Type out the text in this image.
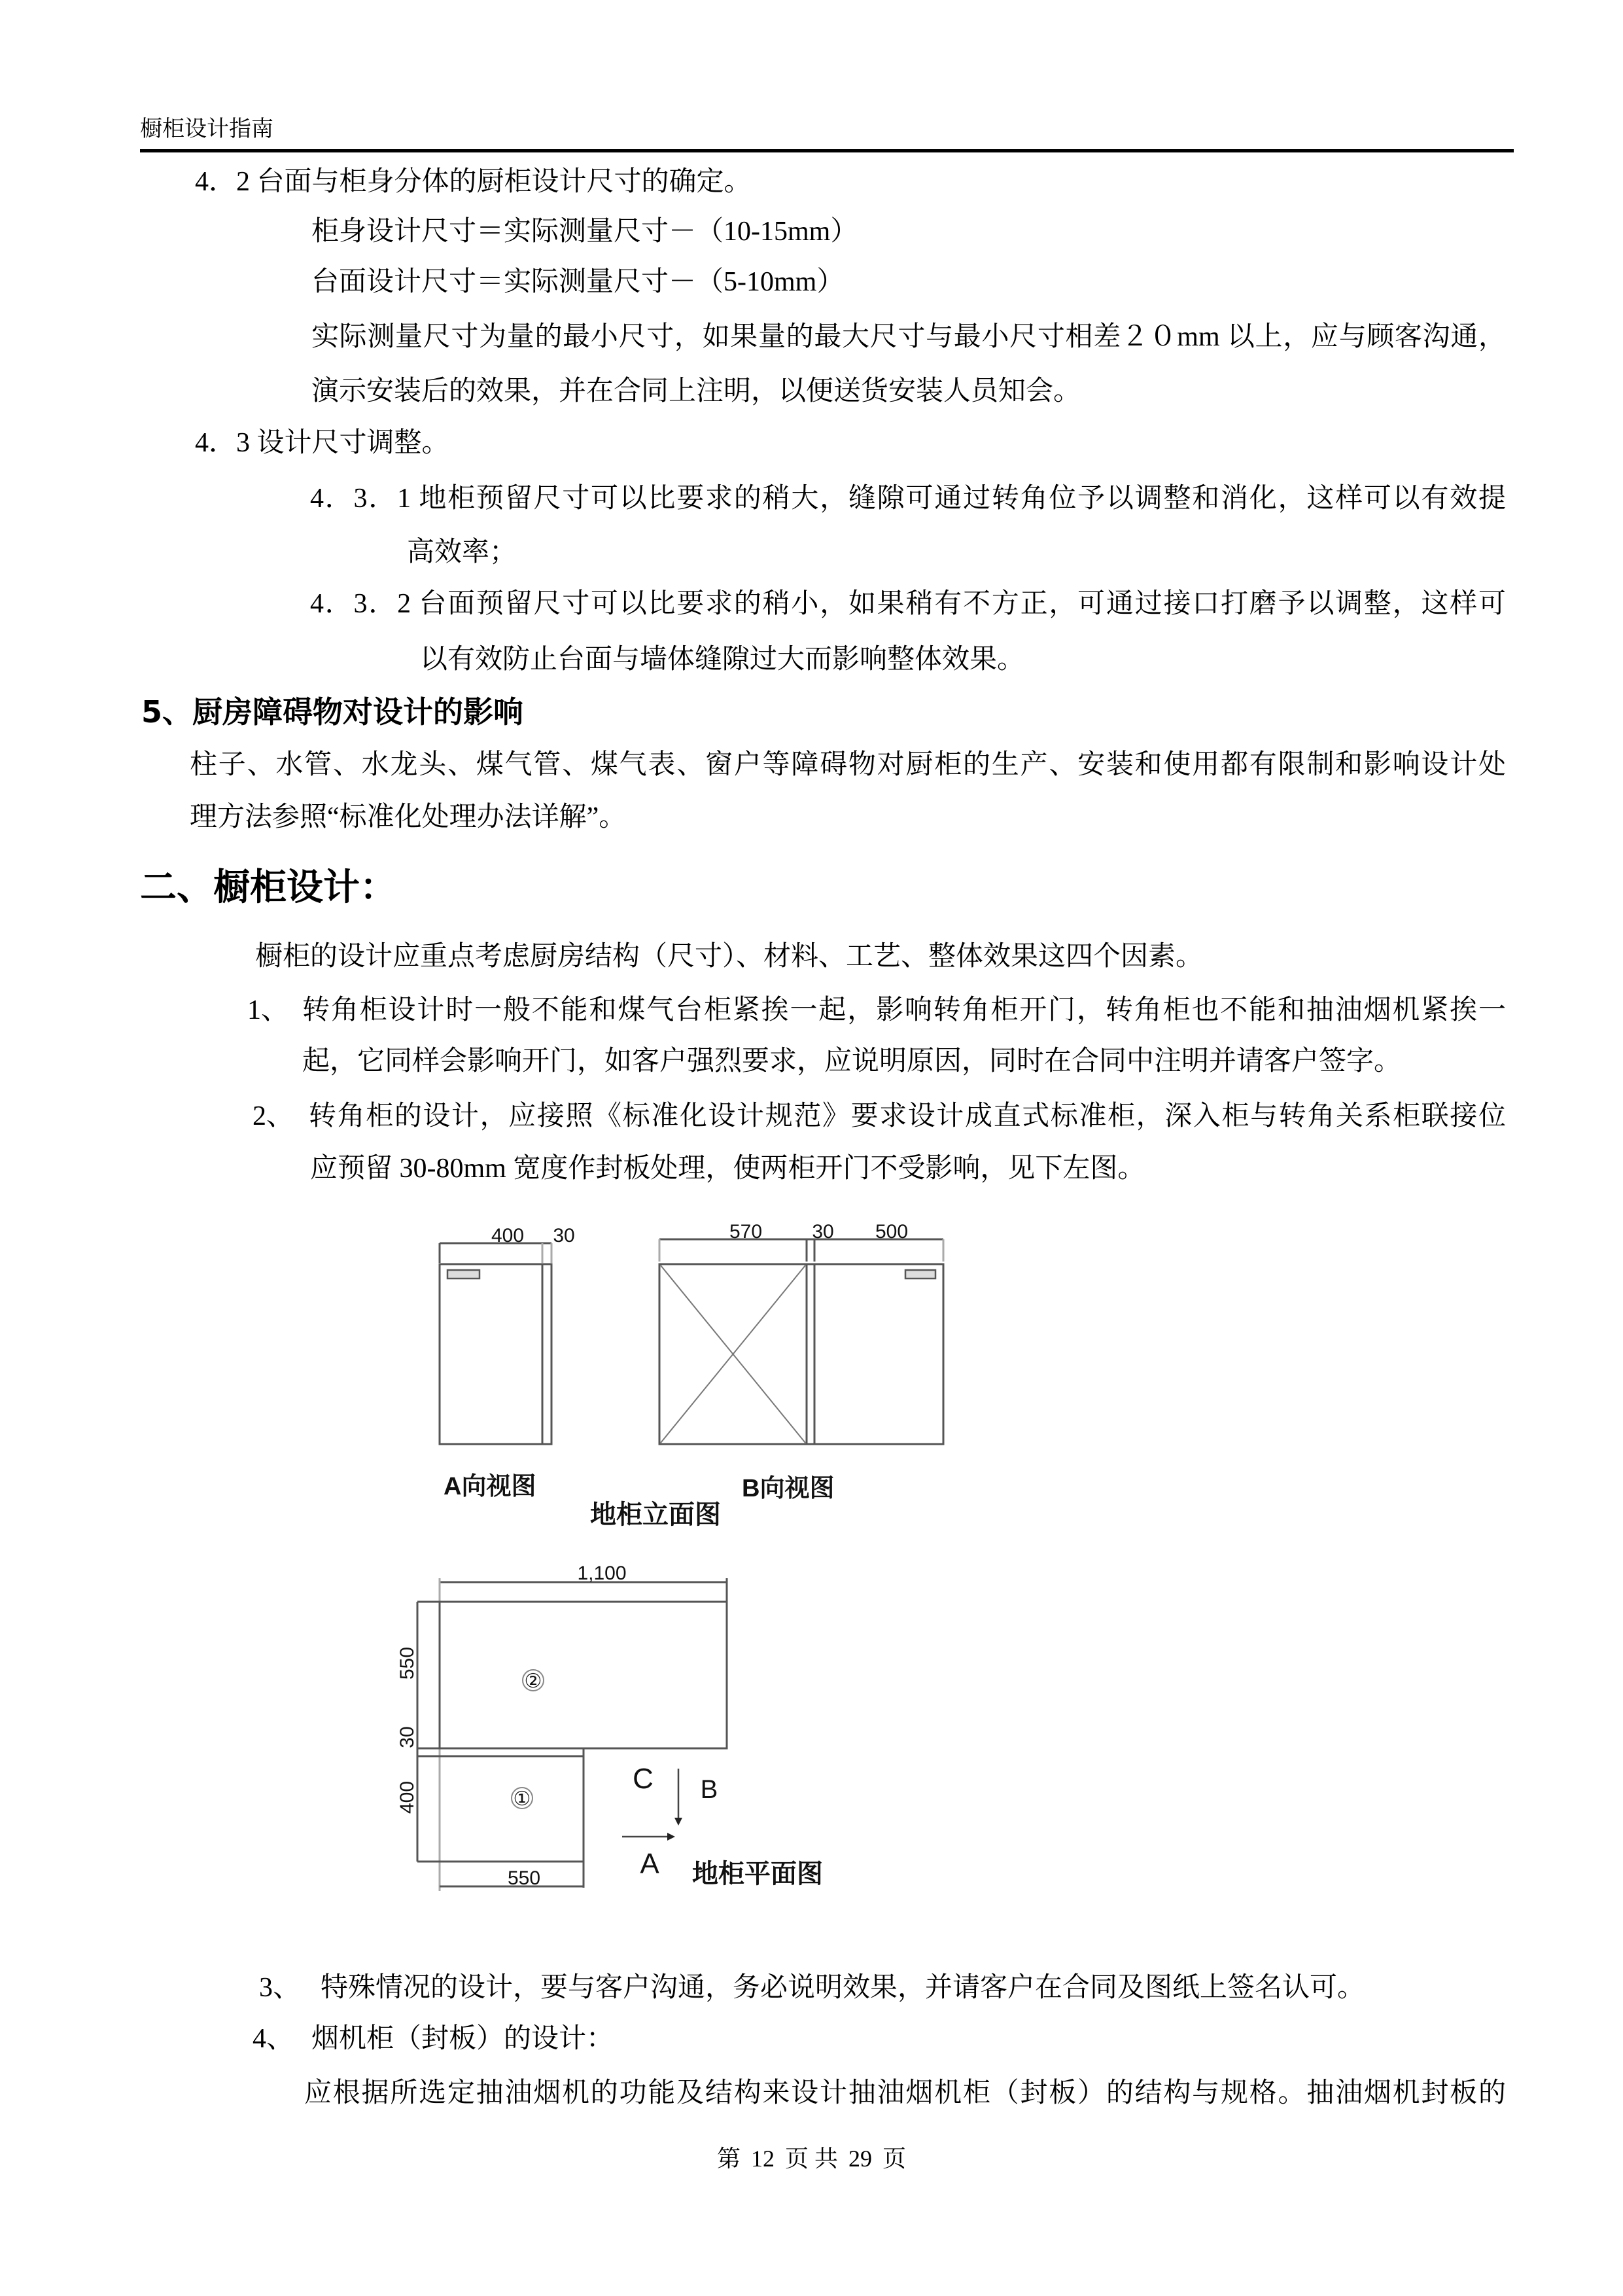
橱柜设计指南
4．2 台面与柜身分体的厨柜设计尺寸的确定。
柜身设计尺寸＝实际测量尺寸－（10-15mm）
台面设计尺寸＝实际测量尺寸－（5-10mm）
实际测量尺寸为量的最小尺寸，如果量的最大尺寸与最小尺寸相差２０mm 以上，应与顾客沟通，
演示安装后的效果，并在合同上注明，以便送货安装人员知会。
4．3 设计尺寸调整。
4．3．1 地柜预留尺寸可以比要求的稍大，缝隙可通过转角位予以调整和消化，这样可以有效提
高效率；
4．3．2 台面预留尺寸可以比要求的稍小，如果稍有不方正，可通过接口打磨予以调整，这样可
以有效防止台面与墙体缝隙过大而影响整体效果。
5、厨房障碍物对设计的影响
柱子、水管、水龙头、煤气管、煤气表、窗户等障碍物对厨柜的生产、安装和使用都有限制和影响设计处
理方法参照“标准化处理办法详解”。
二、橱柜设计：
橱柜的设计应重点考虑厨房结构（尺寸）、材料、工艺、整体效果这四个因素。
1、 转角柜设计时一般不能和煤气台柜紧挨一起，影响转角柜开门，转角柜也不能和抽油烟机紧挨一
起，它同样会影响开门，如客户强烈要求，应说明原因，同时在合同中注明并请客户签字。
2、 转角柜的设计，应接照《标准化设计规范》要求设计成直式标准柜，深入柜与转角关系柜联接位
应预留 30-80mm 宽度作封板处理，使两柜开门不受影响，见下左图。
400 30	570	30 500
A向视图	B向视图
地柜立面图
1,100
550
30
400
550
②
①
C B
A 地柜平面图
3、 特殊情况的设计，要与客户沟通，务必说明效果，并请客户在合同及图纸上签名认可。
4、 烟机柜（封板）的设计：
应根据所选定抽油烟机的功能及结构来设计抽油烟机柜（封板）的结构与规格。抽油烟机封板的
第 12 页 共 29 页
